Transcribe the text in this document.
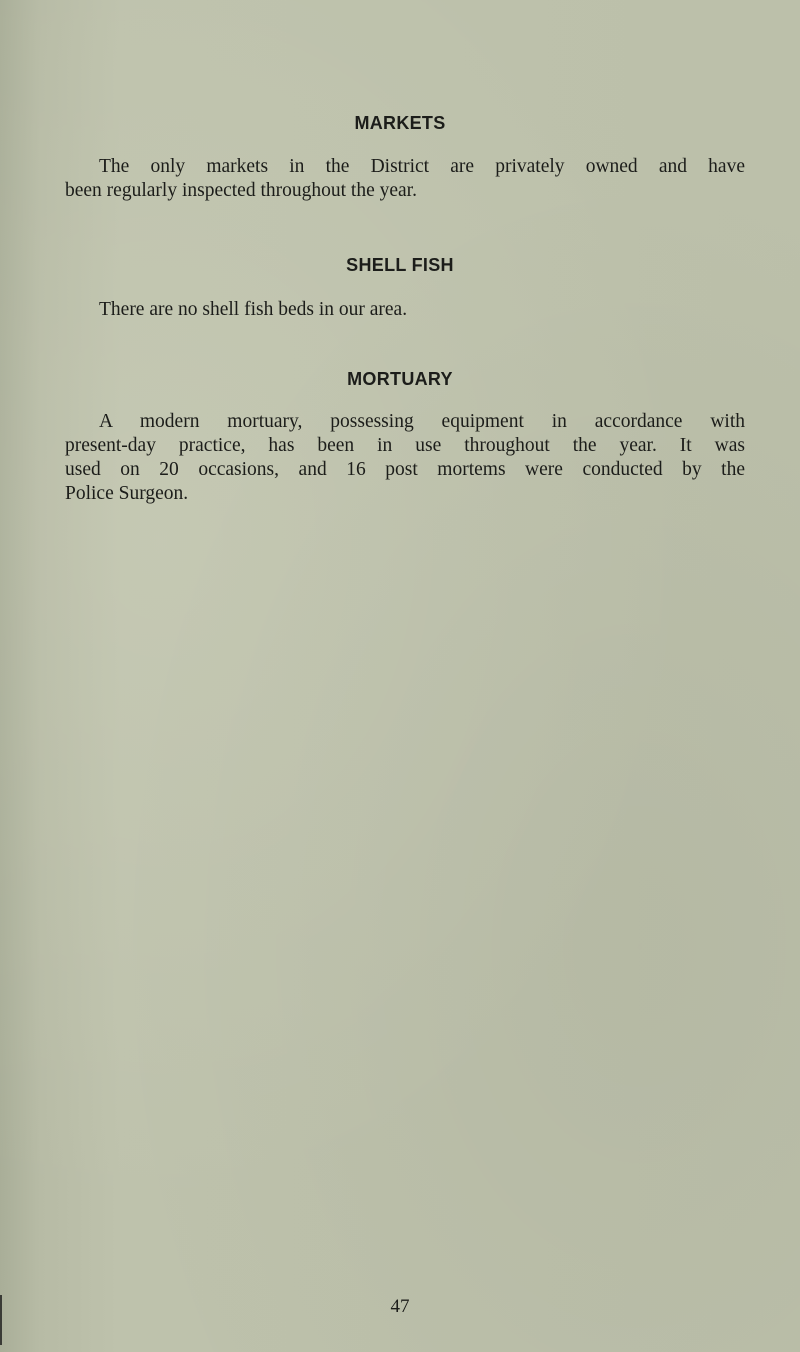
MARKETS
The only markets in the District are privately owned and have
been regularly inspected throughout the year.
SHELL FISH
There are no shell fish beds in our area.
MORTUARY
A modern mortuary, possessing equipment in accordance with
present-day practice, has been in use throughout the year. It was
used on 20 occasions, and 16 post mortems were conducted by the
Police Surgeon.
47
